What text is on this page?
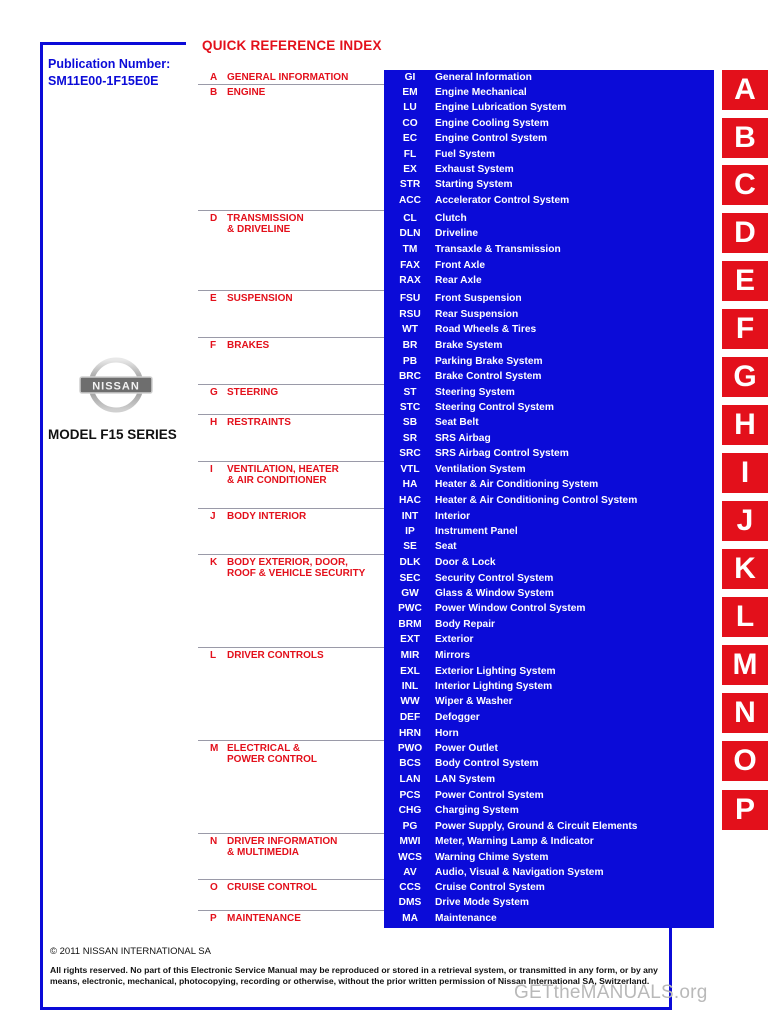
Publication Number:
SM11E00-1F15E0E
QUICK REFERENCE INDEX
NISSAN
MODEL F15 SERIES
A GENERAL INFORMATION	GI	General Information
B ENGINE	EM	Engine Mechanical
LU	Engine Lubrication System
CO	Engine Cooling System
EC	Engine Control System
FL	Fuel System
EX	Exhaust System
STR	Starting System
ACC	Accelerator Control System
D TRANSMISSION
& DRIVELINE
CL	Clutch
DLN	Driveline
TM	Transaxle & Transmission
FAX	Front Axle
RAX	Rear Axle
E SUSPENSION	FSU	Front Suspension
RSU	Rear Suspension
WT	Road Wheels & Tires
F BRAKES	BR	Brake System
PB	Parking Brake System
BRC	Brake Control System
G STEERING	ST	Steering System
STC	Steering Control System
H RESTRAINTS	SB	Seat Belt
SR	SRS Airbag
SRC	SRS Airbag Control System
I VENTILATION, HEATER
& AIR CONDITIONER
VTL	Ventilation System
HA	Heater & Air Conditioning System
HAC	Heater & Air Conditioning Control System
J BODY INTERIOR	INT	Interior
IP	Instrument Panel
SE	Seat
K BODY EXTERIOR, DOOR,
ROOF & VEHICLE SECURITY
DLK	Door & Lock
SEC	Security Control System
GW	Glass & Window System
PWC	Power Window Control System
BRM	Body Repair
EXT	Exterior
L DRIVER CONTROLS	MIR	Mirrors
EXL	Exterior Lighting System
INL	Interior Lighting System
WW	Wiper & Washer
DEF	Defogger
HRN	Horn
M ELECTRICAL &
POWER CONTROL
PWO	Power Outlet
BCS	Body Control System
LAN	LAN System
PCS	Power Control System
CHG	Charging System
PG	Power Supply, Ground & Circuit Elements
N DRIVER INFORMATION
& MULTIMEDIA
MWI	Meter, Warning Lamp & Indicator
WCS	Warning Chime System
AV	Audio, Visual & Navigation System
O CRUISE CONTROL	CCS	Cruise Control System
DMS	Drive Mode System
P MAINTENANCE	MA	Maintenance
A
B
C
D
E
F
G
H
I
J
K
L
M
N
O
P
© 2011 NISSAN INTERNATIONAL SA
All rights reserved. No part of this Electronic Service Manual may be reproduced or stored in a retrieval system, or transmitted in any form, or by any means, electronic, mechanical, photocopying, recording or otherwise, without the prior written permission of Nissan International SA, Switzerland.
GETtheMANUALS.org
